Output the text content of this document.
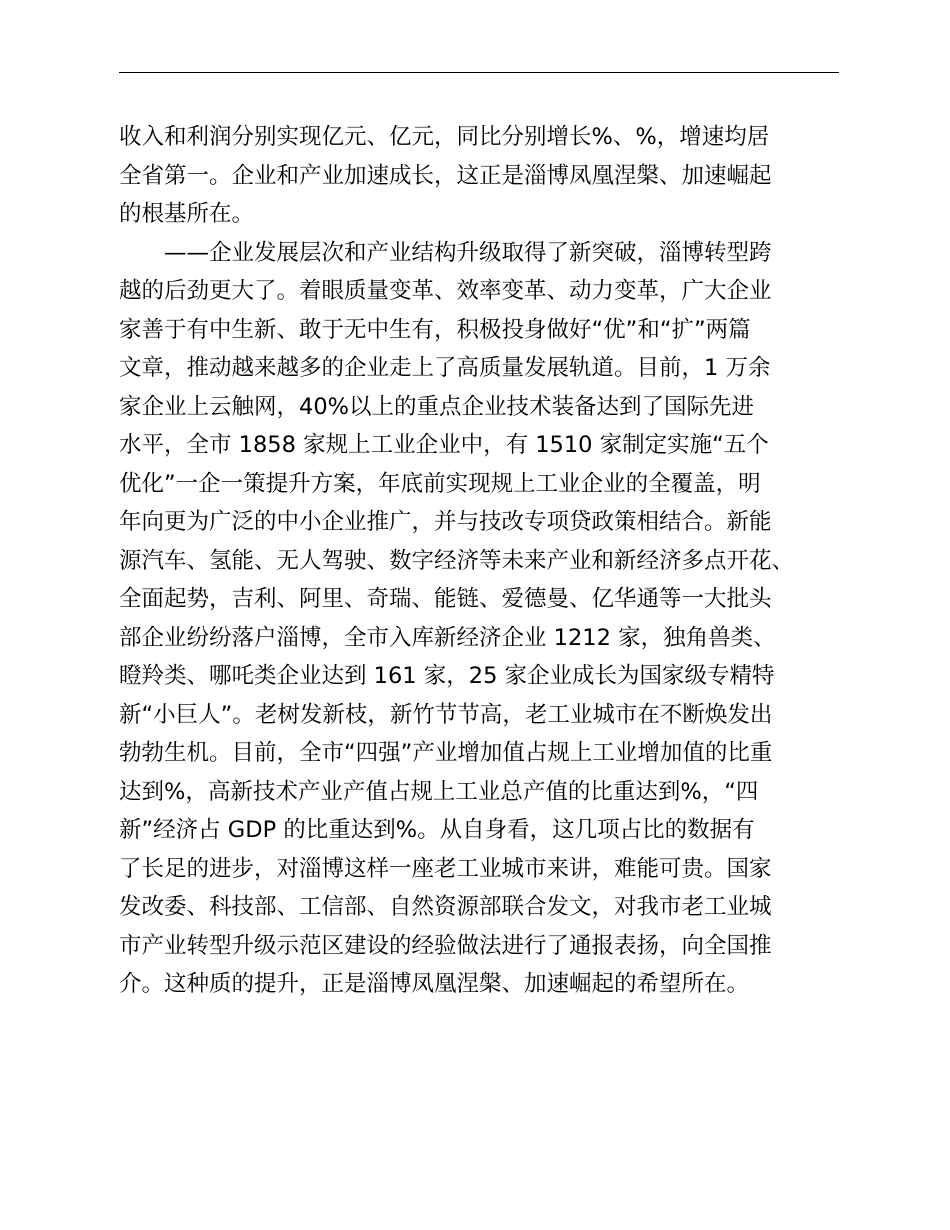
收入和利润分别实现亿元、亿元，同比分别增长%、%，增速均居
全省第一。企业和产业加速成长，这正是淄博凤凰涅槃、加速崛起
的根基所在。
——企业发展层次和产业结构升级取得了新突破，淄博转型跨
越的后劲更大了。着眼质量变革、效率变革、动力变革，广大企业
家善于有中生新、敢于无中生有，积极投身做好“优”和“扩”两篇
文章，推动越来越多的企业走上了高质量发展轨道。目前，1 万余
家企业上云触网，40%以上的重点企业技术装备达到了国际先进
水平，全市 1858 家规上工业企业中，有 1510 家制定实施“五个
优化”一企一策提升方案，年底前实现规上工业企业的全覆盖，明
年向更为广泛的中小企业推广，并与技改专项贷政策相结合。新能
源汽车、氢能、无人驾驶、数字经济等未来产业和新经济多点开花、
全面起势，吉利、阿里、奇瑞、能链、爱德曼、亿华通等一大批头
部企业纷纷落户淄博，全市入库新经济企业 1212 家，独角兽类、
瞪羚类、哪吒类企业达到 161 家，25 家企业成长为国家级专精特
新“小巨人”。老树发新枝，新竹节节高，老工业城市在不断焕发出
勃勃生机。目前，全市“四强”产业增加值占规上工业增加值的比重
达到%，高新技术产业产值占规上工业总产值的比重达到%，“四
新”经济占 GDP 的比重达到%。从自身看，这几项占比的数据有
了长足的进步，对淄博这样一座老工业城市来讲，难能可贵。国家
发改委、科技部、工信部、自然资源部联合发文，对我市老工业城
市产业转型升级示范区建设的经验做法进行了通报表扬，向全国推
介。这种质的提升，正是淄博凤凰涅槃、加速崛起的希望所在。
